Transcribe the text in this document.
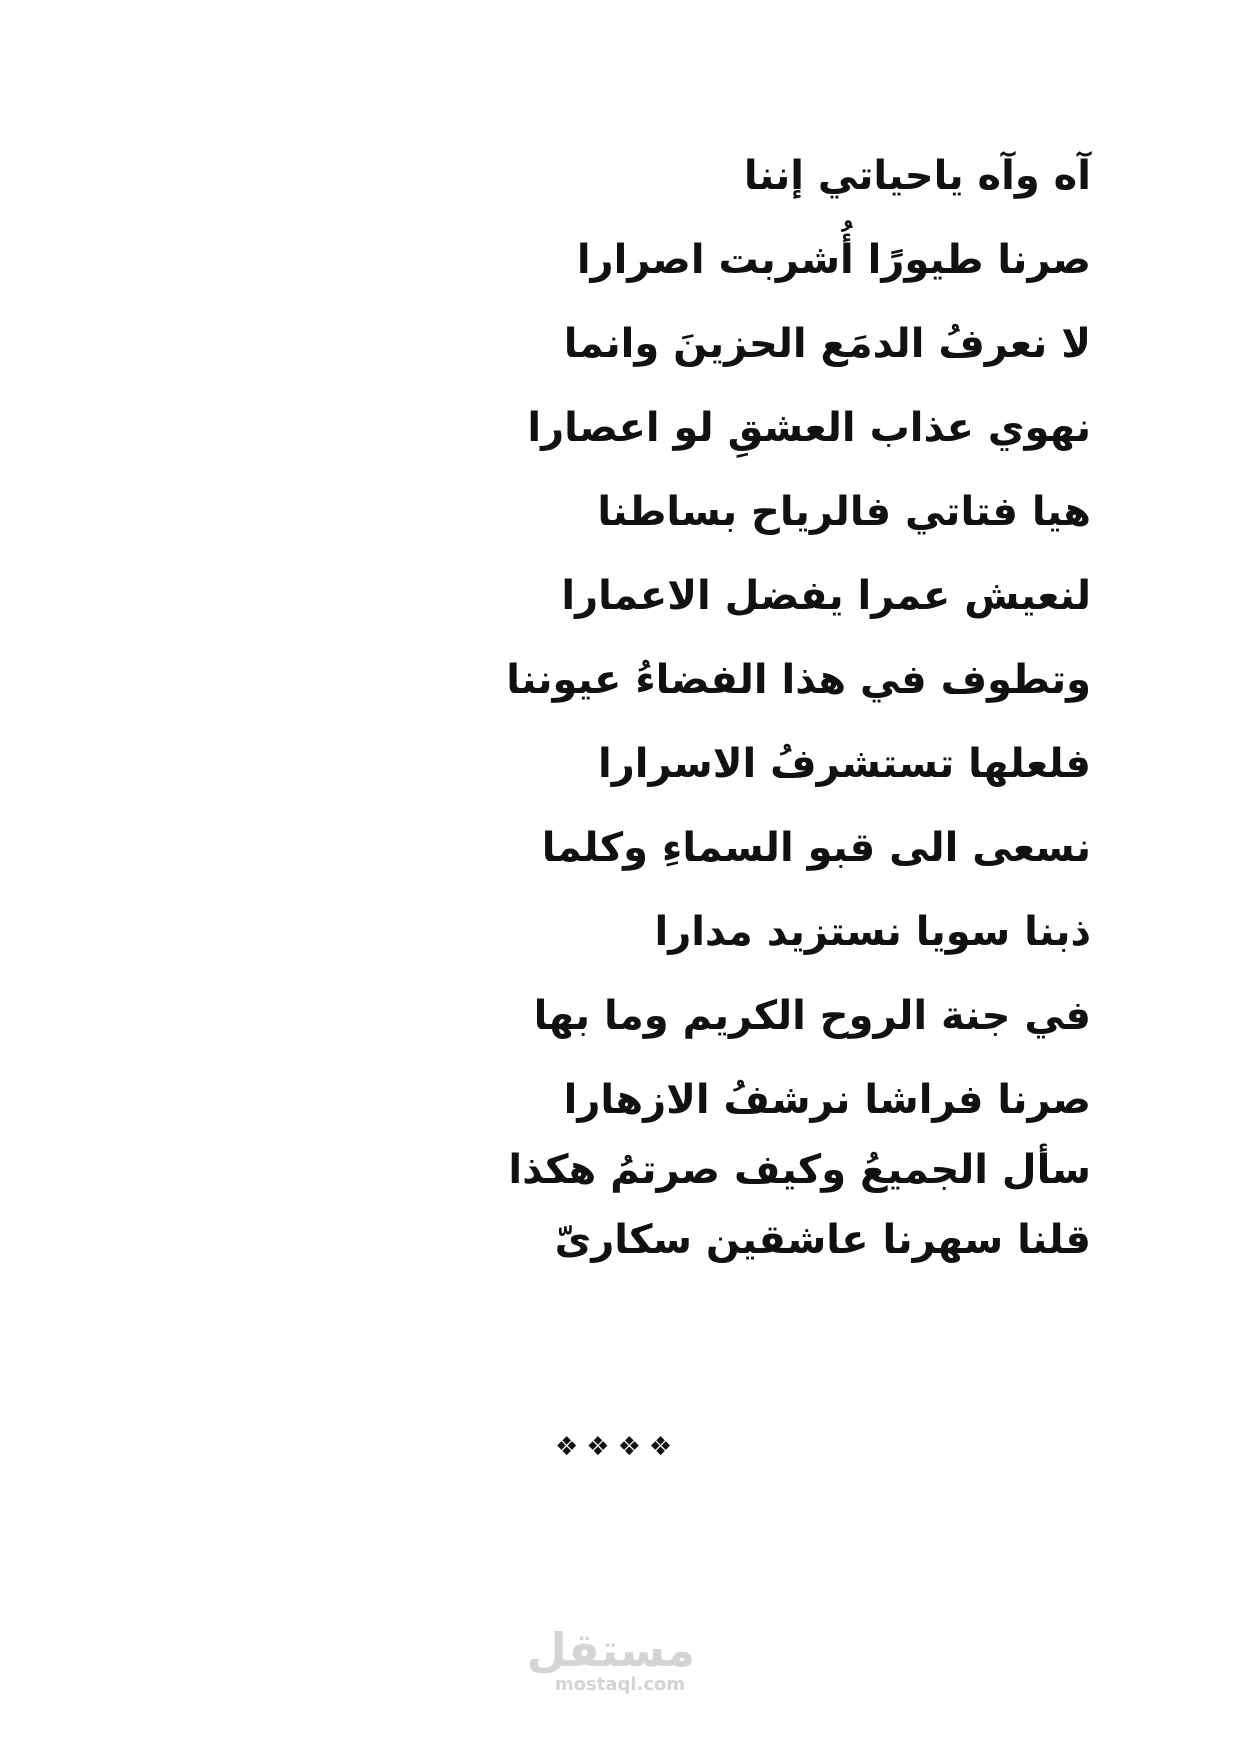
آه وآه ياحياتي إننا
صرنا طيورًا أُشربت اصرارا
لا نعرفُ الدمَع الحزينَ وانما
نهوي عذاب العشقِ لو اعصارا
هيا فتاتي فالرياح بساطنا
لنعيش عمرا يفضل الاعمارا
وتطوف في هذا الفضاءُ عيوننا
فلعلها تستشرفُ الاسرارا
نسعى الى قبو السماءِ وكلما
ذبنا سويا نستزيد مدارا
في جنة الروح الكريم وما بها
صرنا فراشا نرشفُ الازهارا
سأل الجميعُ وكيف صرتمُ هكذا
قلنا سهرنا عاشقين سكارىّ
❖❖❖❖
مستقل
mostaql.com
